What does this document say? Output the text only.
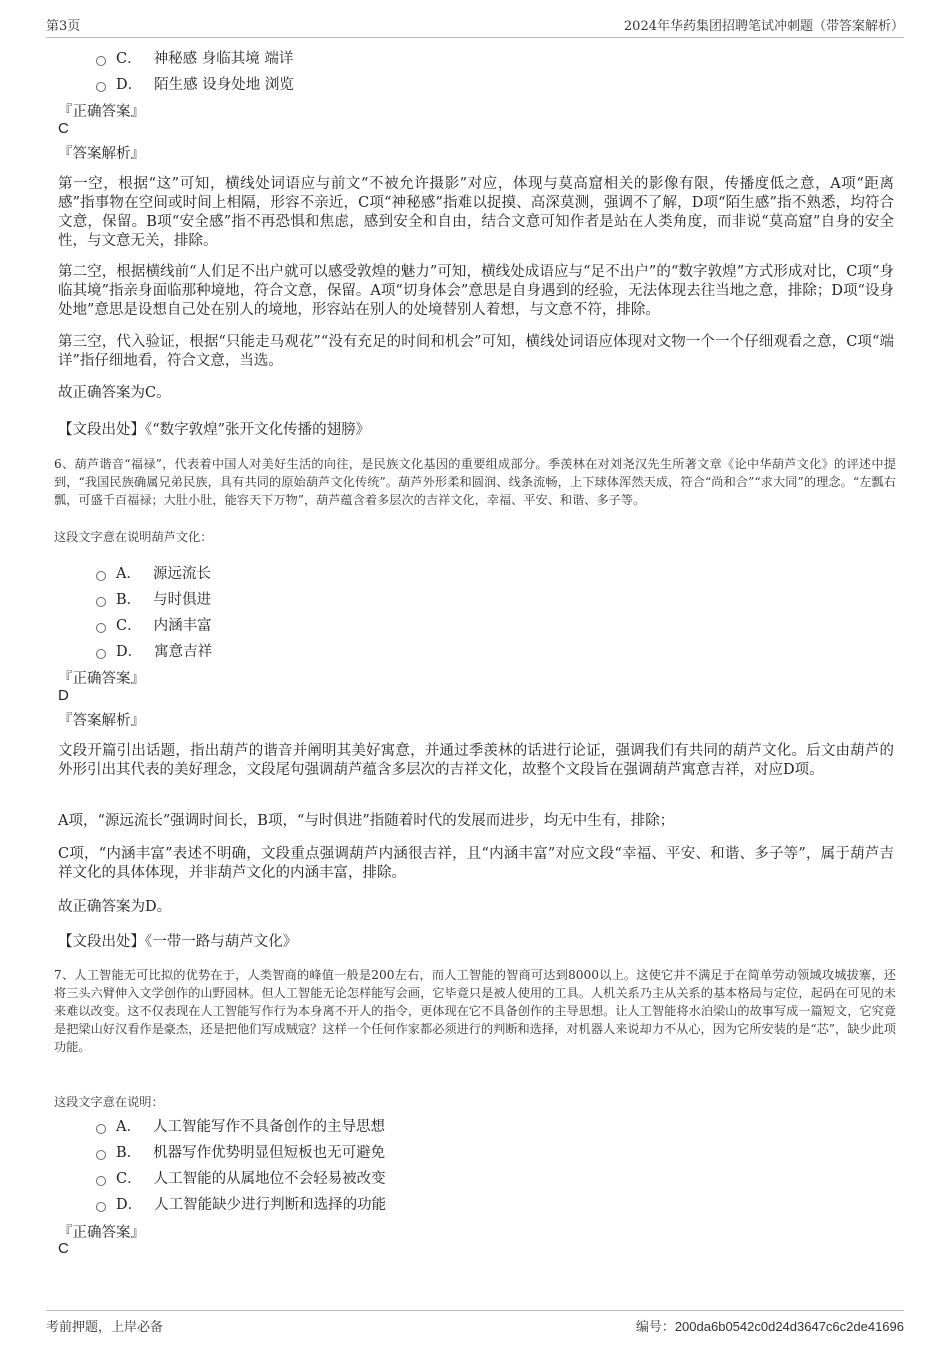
第3页	2024年华药集团招聘笔试冲刺题（带答案解析）
C． 神秘感 身临其境 端详
D． 陌生感 设身处地 浏览
『正确答案』
C
『答案解析』

第一空，根据“这”可知，横线处词语应与前文“不被允许摄影”对应，体现与莫高窟相关的影像有限，传播度低之意，A项“距离感”指事物在空间或时间上相隔，形容不亲近，C项“神秘感”指难以捉摸、高深莫测，强调不了解，D项“陌生感”指不熟悉，均符合文意，保留。B项“安全感”指不再恐惧和焦虑，感到安全和自由，结合文意可知作者是站在人类角度，而非说“莫高窟”自身的安全性，与文意无关，排除。

第二空，根据横线前“人们足不出户就可以感受敦煌的魅力”可知，横线处成语应与“足不出户”的“数字敦煌”方式形成对比，C项“身临其境”指亲身面临那种境地，符合文意，保留。A项“切身体会”意思是自身遇到的经验，无法体现去往当地之意，排除；D项“设身处地”意思是设想自己处在别人的境地，形容站在别人的处境替别人着想，与文意不符，排除。

第三空，代入验证，根据“只能走马观花”“没有充足的时间和机会”可知，横线处词语应体现对文物一个一个仔细观看之意，C项“端详”指仔细地看，符合文意，当选。

故正确答案为C。

【文段出处】《“数字敦煌”张开文化传播的翅膀》

6、葫芦谐音“福禄”，代表着中国人对美好生活的向往，是民族文化基因的重要组成部分。季羡林在对刘尧汉先生所著文章《论中华葫芦文化》的评述中提到，“我国民族确属兄弟民族，具有共同的原始葫芦文化传统”。葫芦外形柔和圆润、线条流畅，上下球体浑然天成，符合“尚和合”“求大同”的理念。“左瓢右瓢，可盛千百福禄；大肚小肚，能容天下万物”，葫芦蕴含着多层次的吉祥文化，幸福、平安、和谐、多子等。

这段文字意在说明葫芦文化：
A． 源远流长
B． 与时俱进
C． 内涵丰富
D． 寓意吉祥
『正确答案』
D
『答案解析』

文段开篇引出话题，指出葫芦的谐音并阐明其美好寓意，并通过季羡林的话进行论证，强调我们有共同的葫芦文化。后文由葫芦的外形引出其代表的美好理念，文段尾句强调葫芦蕴含多层次的吉祥文化，故整个文段旨在强调葫芦寓意吉祥，对应D项。

A项，“源远流长”强调时间长，B项，“与时俱进”指随着时代的发展而进步，均无中生有，排除；

C项，“内涵丰富”表述不明确，文段重点强调葫芦内涵很吉祥，且“内涵丰富”对应文段“幸福、平安、和谐、多子等”，属于葫芦吉祥文化的具体体现，并非葫芦文化的内涵丰富，排除。

故正确答案为D。

【文段出处】《一带一路与葫芦文化》

7、人工智能无可比拟的优势在于，人类智商的峰值一般是200左右，而人工智能的智商可达到8000以上。这使它并不满足于在简单劳动领域攻城拔寨，还将三头六臂伸入文学创作的山野园林。但人工智能无论怎样能写会画，它毕竟只是被人使用的工具。人机关系乃主从关系的基本格局与定位，起码在可见的未来难以改变。这不仅表现在人工智能写作行为本身离不开人的指令，更体现在它不具备创作的主导思想。让人工智能将水泊梁山的故事写成一篇短文，它究竟是把梁山好汉看作是豪杰，还是把他们写成贼寇？这样一个任何作家都必须进行的判断和选择，对机器人来说却力不从心，因为它所安装的是“芯”，缺少此项功能。

这段文字意在说明：
A． 人工智能写作不具备创作的主导思想
B． 机器写作优势明显但短板也无可避免
C． 人工智能的从属地位不会轻易被改变
D． 人工智能缺少进行判断和选择的功能
『正确答案』
C
考前押题，上岸必备	编号：200da6b0542c0d24d3647c6c2de41696
